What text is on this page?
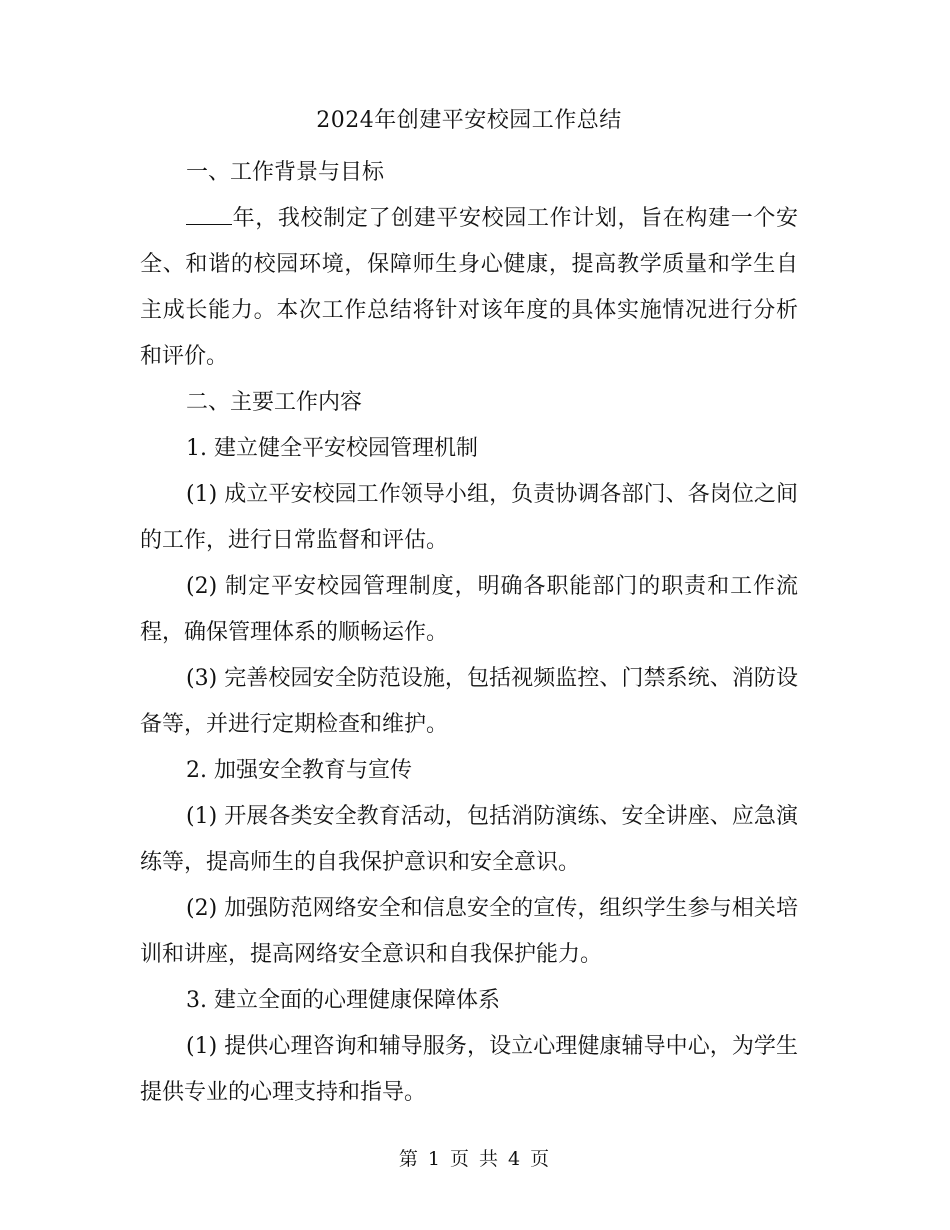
2024年创建平安校园工作总结

一、工作背景与目标

年，我校制定了创建平安校园工作计划，旨在构建一个安全、和谐的校园环境，保障师生身心健康，提高教学质量和学生自主成长能力。本次工作总结将针对该年度的具体实施情况进行分析和评价。

二、主要工作内容

1. 建立健全平安校园管理机制

(1) 成立平安校园工作领导小组，负责协调各部门、各岗位之间的工作，进行日常监督和评估。

(2) 制定平安校园管理制度，明确各职能部门的职责和工作流程，确保管理体系的顺畅运作。

(3) 完善校园安全防范设施，包括视频监控、门禁系统、消防设备等，并进行定期检查和维护。

2. 加强安全教育与宣传

(1) 开展各类安全教育活动，包括消防演练、安全讲座、应急演练等，提高师生的自我保护意识和安全意识。

(2) 加强防范网络安全和信息安全的宣传，组织学生参与相关培训和讲座，提高网络安全意识和自我保护能力。

3. 建立全面的心理健康保障体系

(1) 提供心理咨询和辅导服务，设立心理健康辅导中心，为学生提供专业的心理支持和指导。

第 1 页 共 4 页
